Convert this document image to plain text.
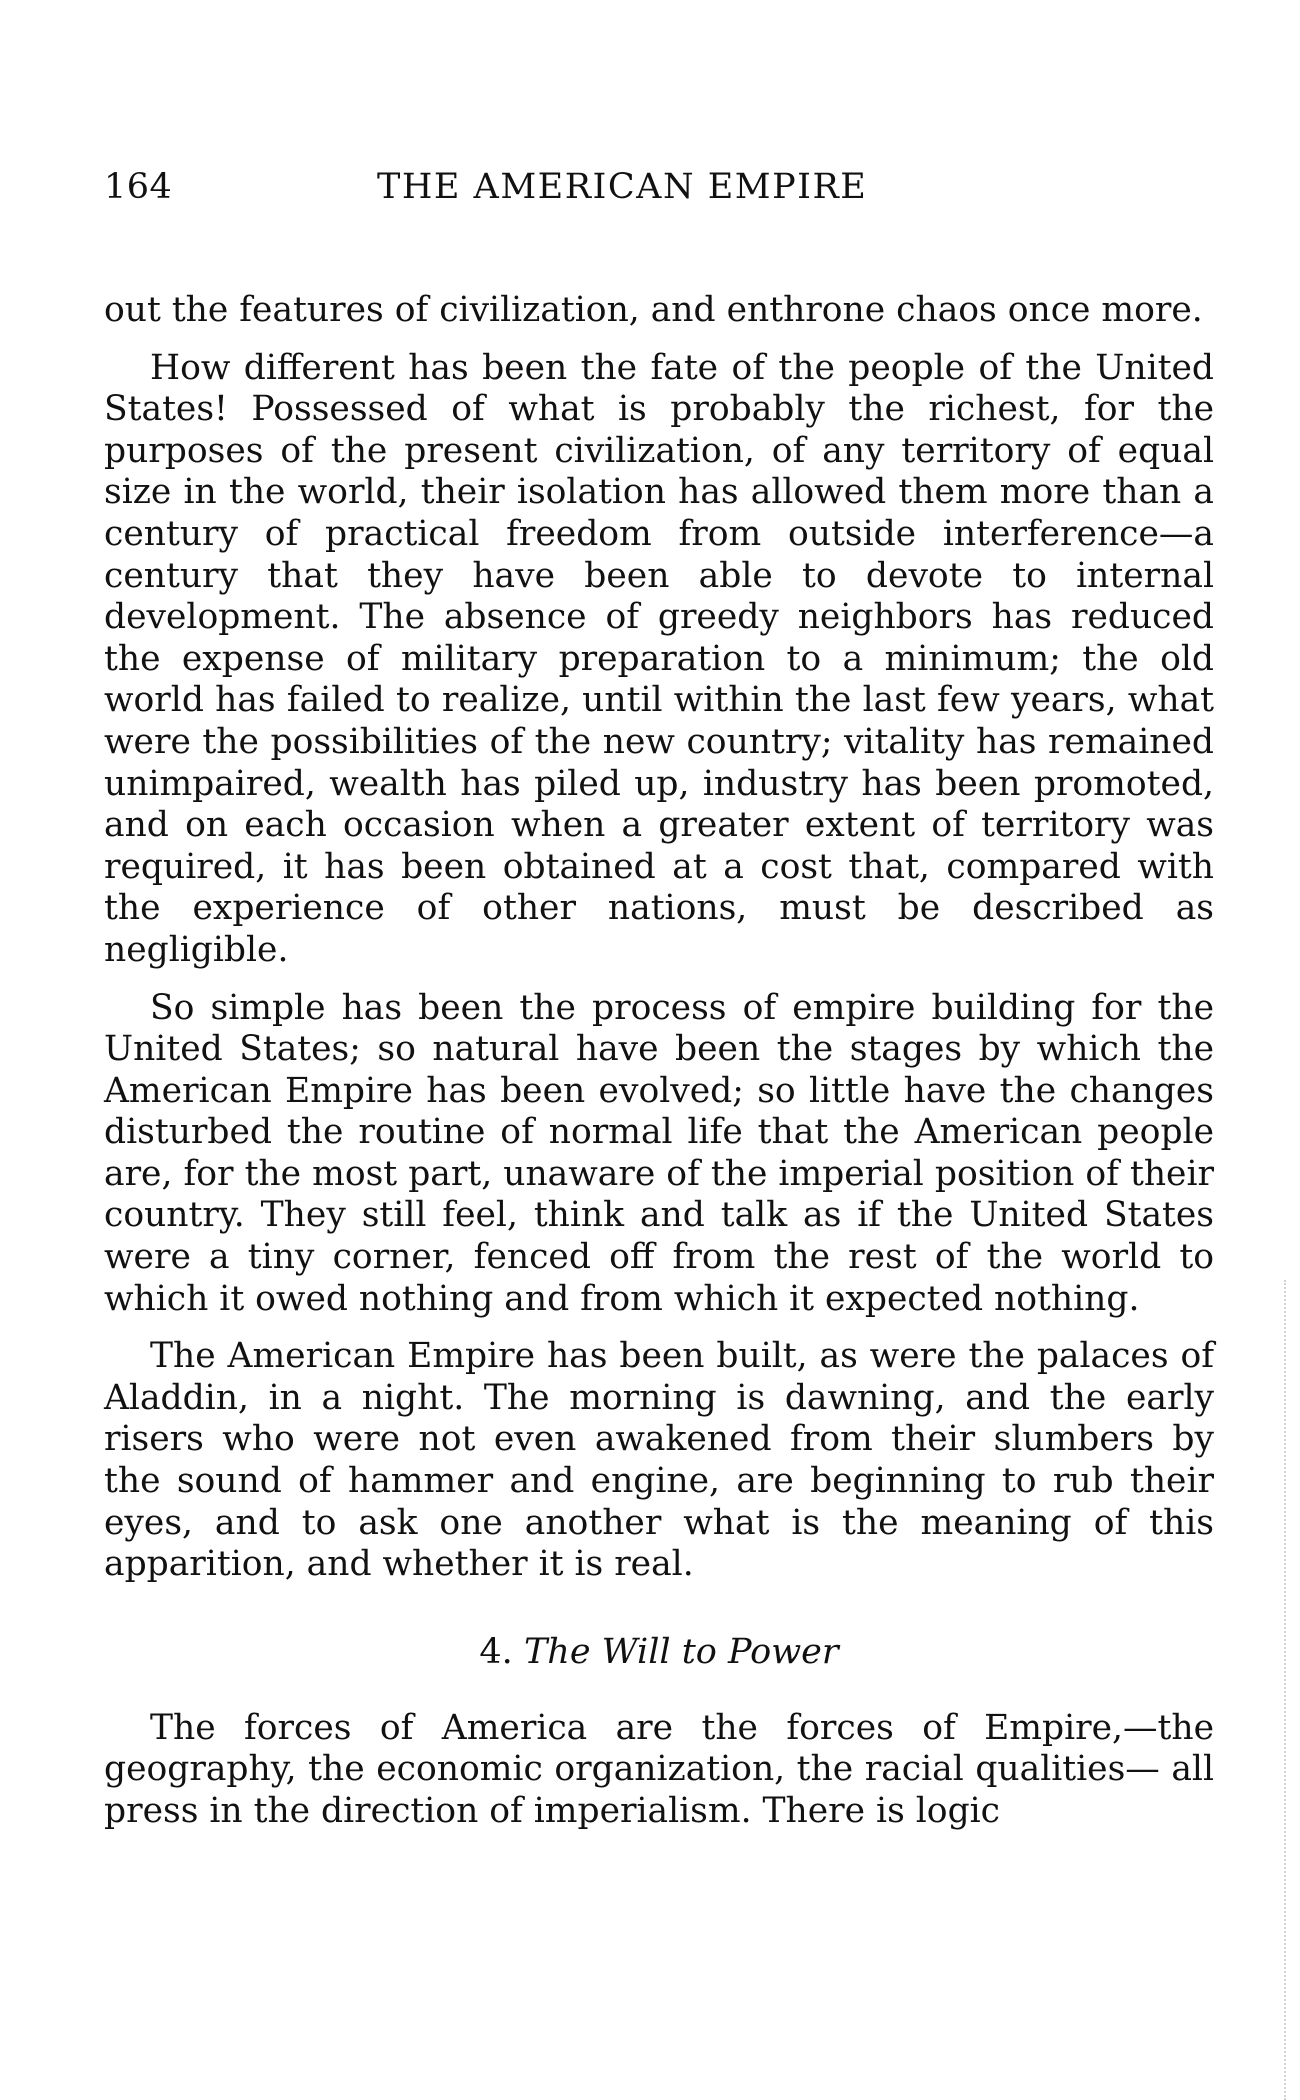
164	THE AMERICAN EMPIRE

out the features of civilization, and enthrone chaos once more.

How different has been the fate of the people of the United States! Possessed of what is probably the richest, for the purposes of the present civilization, of any territory of equal size in the world, their isolation has allowed them more than a century of practical freedom from outside interference—a century that they have been able to devote to internal development. The absence of greedy neighbors has reduced the expense of military preparation to a minimum; the old world has failed to realize, until within the last few years, what were the possibilities of the new country; vitality has remained unimpaired, wealth has piled up, industry has been promoted, and on each occasion when a greater extent of territory was required, it has been obtained at a cost that, compared with the experience of other nations, must be described as negligible.

So simple has been the process of empire building for the United States; so natural have been the stages by which the American Empire has been evolved; so little have the changes disturbed the routine of normal life that the American people are, for the most part, unaware of the imperial position of their country. They still feel, think and talk as if the United States were a tiny corner, fenced off from the rest of the world to which it owed nothing and from which it expected nothing.

The American Empire has been built, as were the palaces of Aladdin, in a night. The morning is dawning, and the early risers who were not even awakened from their slumbers by the sound of hammer and engine, are beginning to rub their eyes, and to ask one another what is the meaning of this apparition, and whether it is real.

4. The Will to Power

The forces of America are the forces of Empire,—the geography, the economic organization, the racial qualities— all press in the direction of imperialism. There is logic
